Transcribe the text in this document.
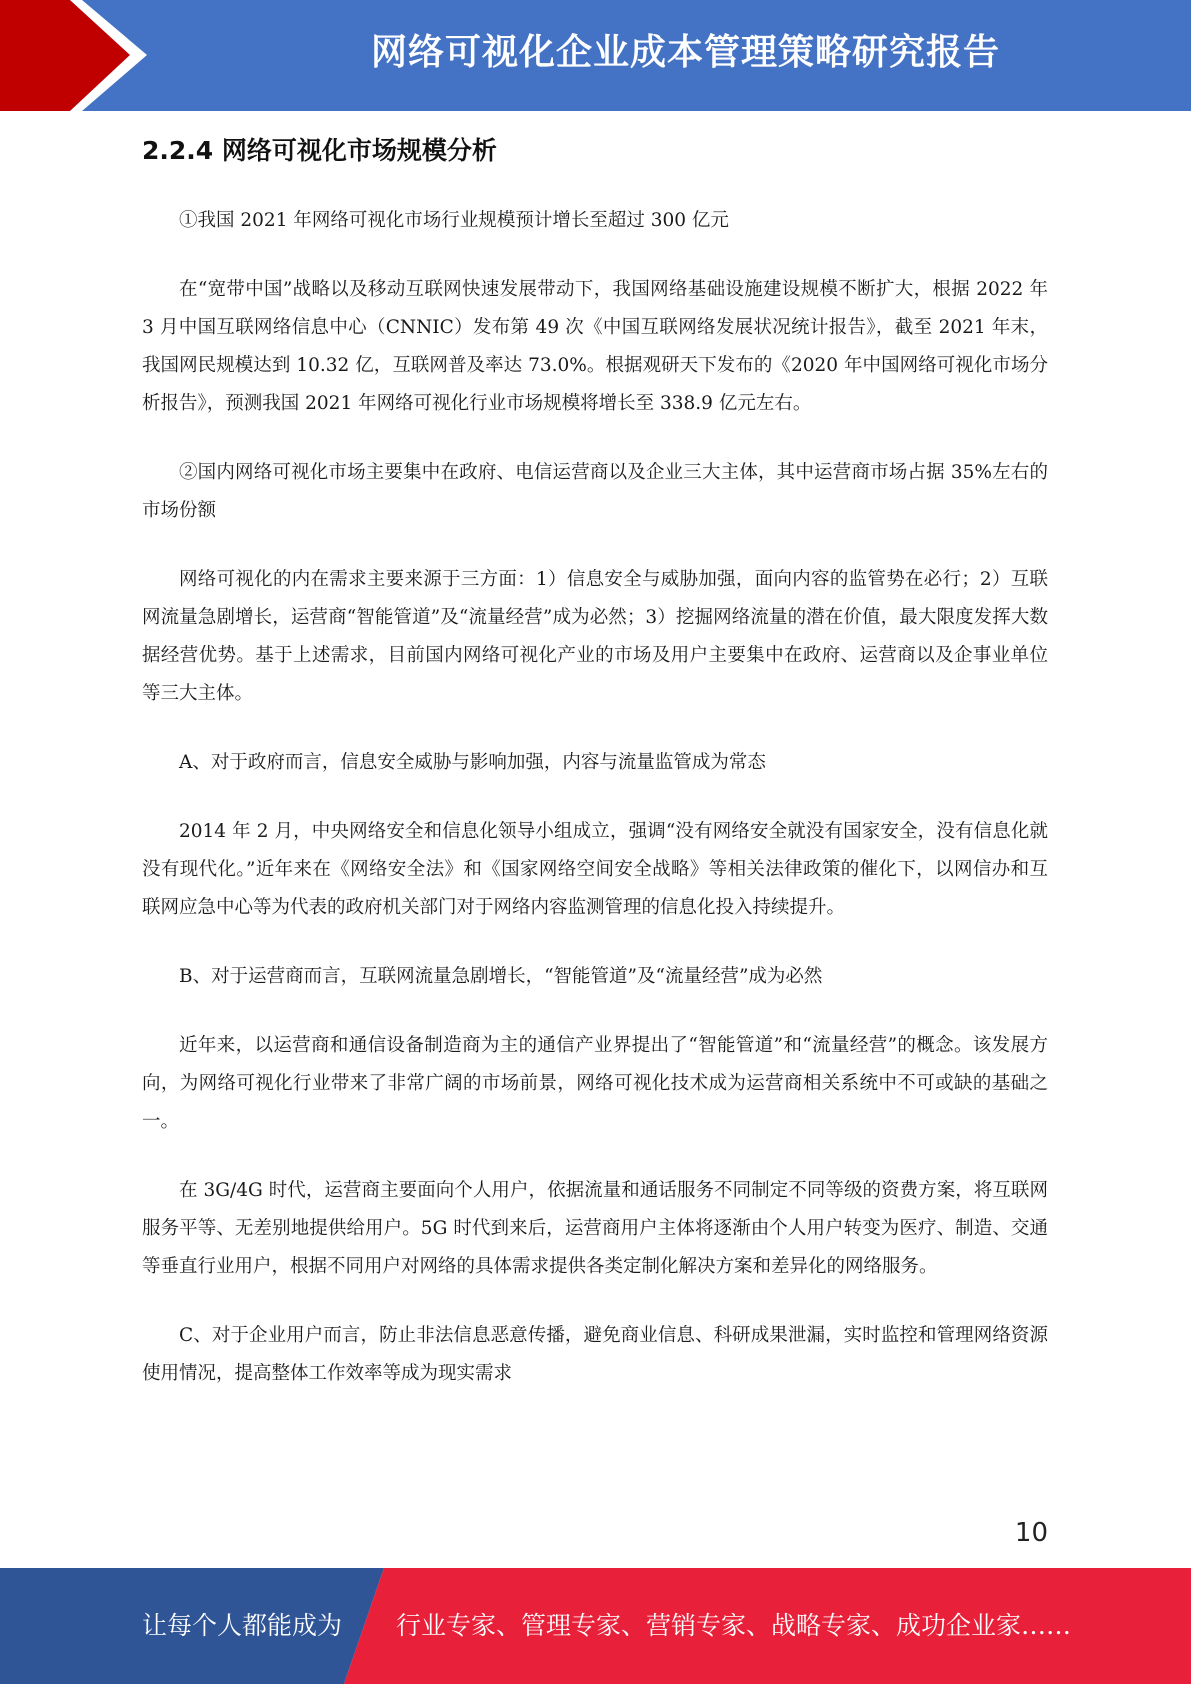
网络可视化企业成本管理策略研究报告
2.2.4 网络可视化市场规模分析

①我国 2021 年网络可视化市场行业规模预计增长至超过 300 亿元

在“宽带中国”战略以及移动互联网快速发展带动下，我国网络基础设施建设规模不断扩大，根据 2022 年 3 月中国互联网络信息中心（CNNIC）发布第 49 次《中国互联网络发展状况统计报告》，截至 2021 年末，我国网民规模达到 10.32 亿，互联网普及率达 73.0%。根据观研天下发布的《2020 年中国网络可视化市场分析报告》，预测我国 2021 年网络可视化行业市场规模将增长至 338.9 亿元左右。

②国内网络可视化市场主要集中在政府、电信运营商以及企业三大主体，其中运营商市场占据 35%左右的市场份额

网络可视化的内在需求主要来源于三方面：1）信息安全与威胁加强，面向内容的监管势在必行；2）互联网流量急剧增长，运营商“智能管道”及“流量经营”成为必然；3）挖掘网络流量的潜在价值，最大限度发挥大数据经营优势。基于上述需求，目前国内网络可视化产业的市场及用户主要集中在政府、运营商以及企事业单位等三大主体。

A、对于政府而言，信息安全威胁与影响加强，内容与流量监管成为常态

2014 年 2 月，中央网络安全和信息化领导小组成立，强调“没有网络安全就没有国家安全，没有信息化就没有现代化。”近年来在《网络安全法》和《国家网络空间安全战略》等相关法律政策的催化下，以网信办和互联网应急中心等为代表的政府机关部门对于网络内容监测管理的信息化投入持续提升。

B、对于运营商而言，互联网流量急剧增长，“智能管道”及“流量经营”成为必然

近年来，以运营商和通信设备制造商为主的通信产业界提出了“智能管道”和“流量经营”的概念。该发展方向，为网络可视化行业带来了非常广阔的市场前景，网络可视化技术成为运营商相关系统中不可或缺的基础之一。

在 3G/4G 时代，运营商主要面向个人用户，依据流量和通话服务不同制定不同等级的资费方案，将互联网服务平等、无差别地提供给用户。5G 时代到来后，运营商用户主体将逐渐由个人用户转变为医疗、制造、交通等垂直行业用户，根据不同用户对网络的具体需求提供各类定制化解决方案和差异化的网络服务。

C、对于企业用户而言，防止非法信息恶意传播，避免商业信息、科研成果泄漏，实时监控和管理网络资源使用情况，提高整体工作效率等成为现实需求

10
让每个人都能成为 行业专家、管理专家、营销专家、战略专家、成功企业家……
